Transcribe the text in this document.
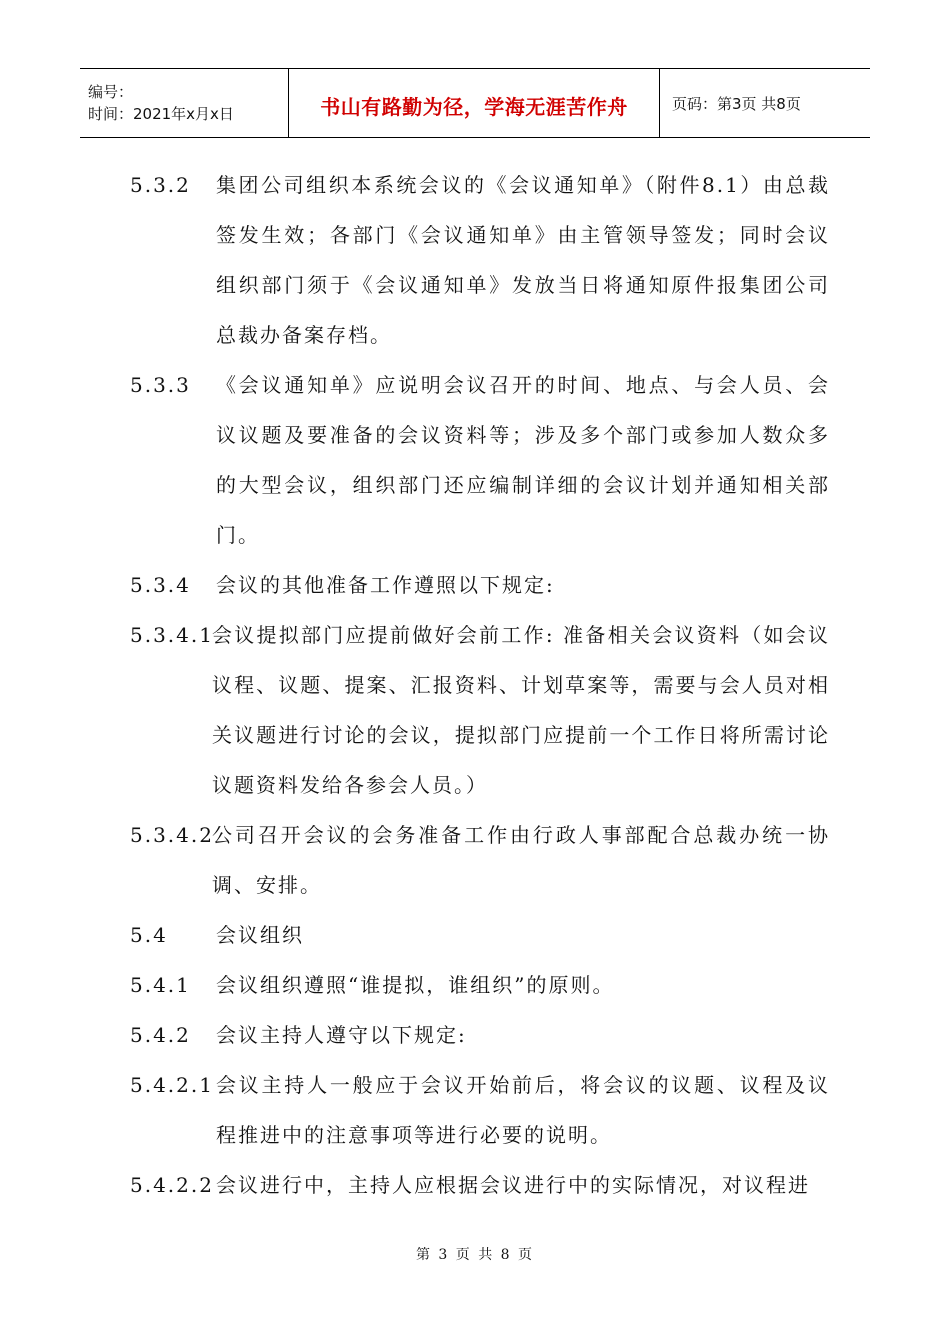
编号：
时间：2021年x月x日	书山有路勤为径，学海无涯苦作舟	页码：第3页 共8页
5.3.2 集团公司组织本系统会议的《会议通知单》（附件8.1）由总裁签发生效；各部门《会议通知单》由主管领导签发；同时会议组织部门须于《会议通知单》发放当日将通知原件报集团公司总裁办备案存档。
5.3.3 《会议通知单》应说明会议召开的时间、地点、与会人员、会议议题及要准备的会议资料等；涉及多个部门或参加人数众多的大型会议，组织部门还应编制详细的会议计划并通知相关部门。
5.3.4 会议的其他准备工作遵照以下规定:
5.3.4.1
会议提拟部门应提前做好会前工作: 准备相关会议资料（如会议议程、议题、提案、汇报资料、计划草案等，需要与会人员对相关议题进行讨论的会议，提拟部门应提前一个工作日将所需讨论议题资料发给各参会人员。）
5.3.4.2
公司召开会议的会务准备工作由行政人事部配合总裁办统一协调、安排。
5.4 会议组织
5.4.1 会议组织遵照“谁提拟，谁组织”的原则。
5.4.2 会议主持人遵守以下规定:
5.4.2.1 会议主持人一般应于会议开始前后，将会议的议题、议程及议程推进中的注意事项等进行必要的说明。
5.4.2.2 会议进行中，主持人应根据会议进行中的实际情况，对议程进
第 3 页 共 8 页
